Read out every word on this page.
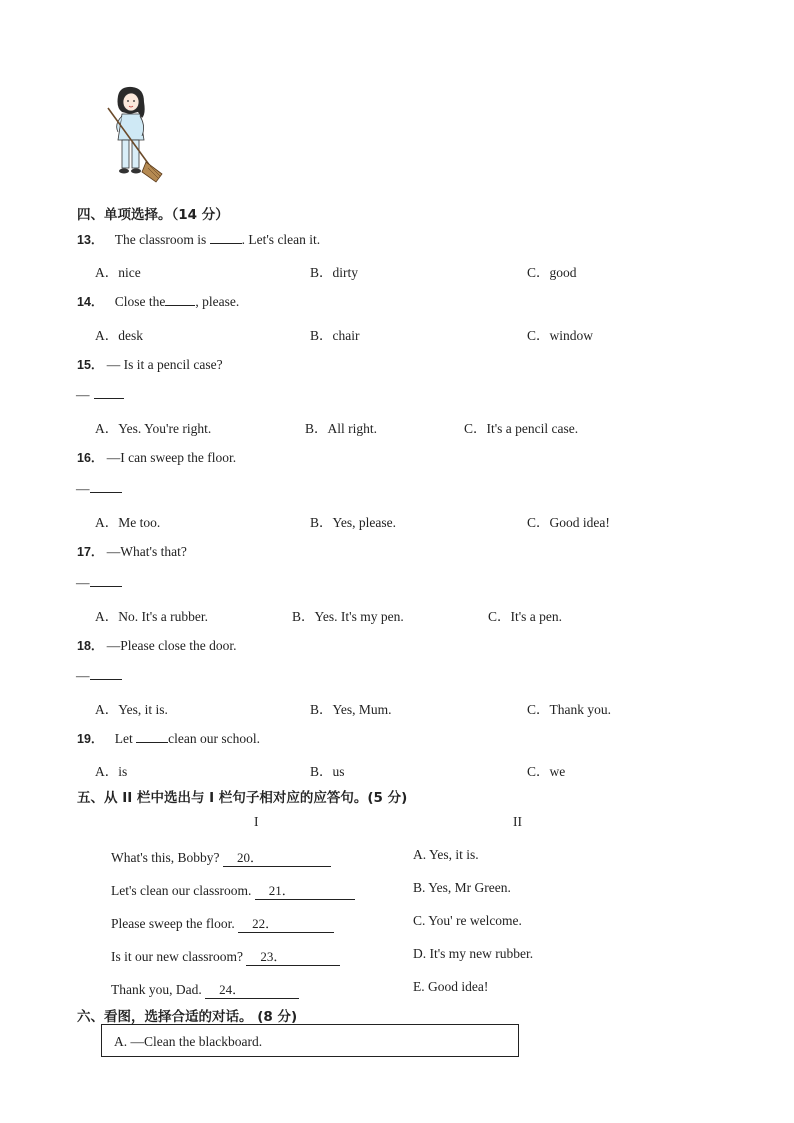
四、单项选择。（14 分）
13． The classroom is . Let's clean it.
A．nice	B．dirty	C．good
14． Close the , please.
A．desk	B．chair	C．window
15． — Is it a pencil case?
—
A．Yes. You're right.	B．All right.	C．It's a pencil case.
16． —I can sweep the floor.
—
A．Me too.	B．Yes, please.	C．Good idea!
17． —What's that?
—
A．No. It's a rubber.	B．Yes. It's my pen.	C．It's a pen.
18． —Please close the door.
—
A．Yes, it is.	B．Yes, Mum.	C．Thank you.
19． Let clean our school.
A．is	B．us	C．we
五、从 II 栏中选出与 I 栏句子相对应的应答句。(5 分)
I	II
What's this, Bobby? 20．	A. Yes, it is.
Let's clean our classroom. 21．	B. Yes, Mr Green.
Please sweep the floor. 22．	C. You' re welcome.
Is it our new classroom? 23．	D. It's my new rubber.
Thank you, Dad. 24．	E. Good idea!
六、看图，选择合适的对话。 (8 分)
A. —Clean the blackboard.
